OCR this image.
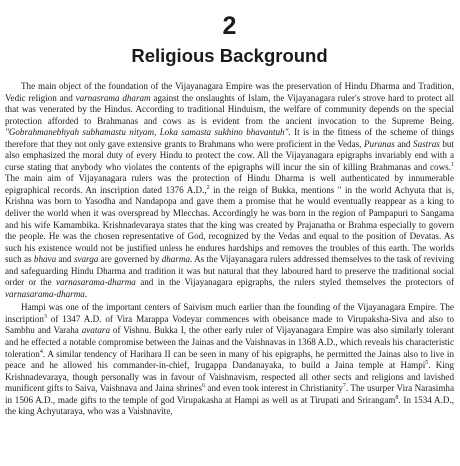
2
Religious Background

The main object of the foundation of the Vijayanagara Empire was the preservation of Hindu Dharma and Tradition, Vedic religion and varnasrama dharam against the onslaughts of Islam, the Vijayanagara ruler's strove hard to protect all that was venerated by the Hindus. According to traditional Hinduism, the welfare of community depends on the special protection afforded to Brahmanas and cows as is evident from the ancient invocation to the Supreme Being. "Gobrahmanebhyah subhamastu nityam, Loka samasta sukhino bhavantuh". It is in the fitness of the scheme of things therefore that they not only gave extensive grants to Brahmans who were proficient in the Vedas, Puranas and Sastras but also emphasized the moral duty of every Hindu to protect the cow. All the Vijayanagara epigraphs invariably end with a curse stating that anybody who violates the contents of the epigraphs will incur the sin of killing Brahmanas and cows.$^1$ The main aim of Vijayanagara rulers was the protection of Hindu Dharma is well authenticated by innumerable epigraphical records. An inscription dated 1376 A.D.,$^2$ in the reign of Bukka, mentions " in the world Achyuta that is, Krishna was born to Yasodha and Nandapopa and gave them a promise that he would eventually reappear as a king to deliver the world when it was overspread by Mlecchas. Accordingly he was born in the region of Pampapuri to Sangama and his wife Kamambika. Krishnadevaraya states that the king was created by Prajanatha or Brahma especially to govern the people. He was the chosen representative of God, recognized by the Vedas and equal to the position of Devatas. As such his existence would not be justified unless he endures hardships and removes the troubles of this earth. The worlds such as bhava and svarga are governed by dharma. As the Vijayanagara rulers addressed themselves to the task of reviving and safeguarding Hindu Dharma and tradition it was but natural that they laboured hard to preserve the traditional social order or the varnasarama-dharma and in the Vijayanagara epigraphs, the rulers styled themselves the protectors of varnasarama-dharma.

Hampi was one of the important centers of Saivism much earlier than the founding of the Vijayanagara Empire. The inscription$^3$ of 1347 A.D. of Vira Marappa Vodeyar commences with obeisance made to Virupaksha-Siva and also to Sambhu and Varaha avatara of Vishnu. Bukka I, the other early ruler of Vijayanagara Empire was also similarly tolerant and he effected a notable compromise between the Jainas and the Vaishnavas in 1368 A.D., which reveals his characteristic toleration$^4$. A similar tendency of Harihara II can be seen in many of his epigraphs, he permitted the Jainas also to live in peace and he allowed his commander-in-chief, Irugappa Dandanayaka, to build a Jaina temple at Hampi$^5$. King Krishnadevaraya, though personally was in favour of Vaishnavism, respected all other sects and religions and lavished munificent gifts to Saiva, Vaishnava and Jaina shrines$^6$ and even took interest in Christianity$^7$. The usurper Vira Narasimha in 1506 A.D., made gifts to the temple of god Virupakasha at Hampi as well as at Tirupati and Srirangam$^8$. In 1534 A.D., the king Achyutaraya, who was a Vaishnavite,
